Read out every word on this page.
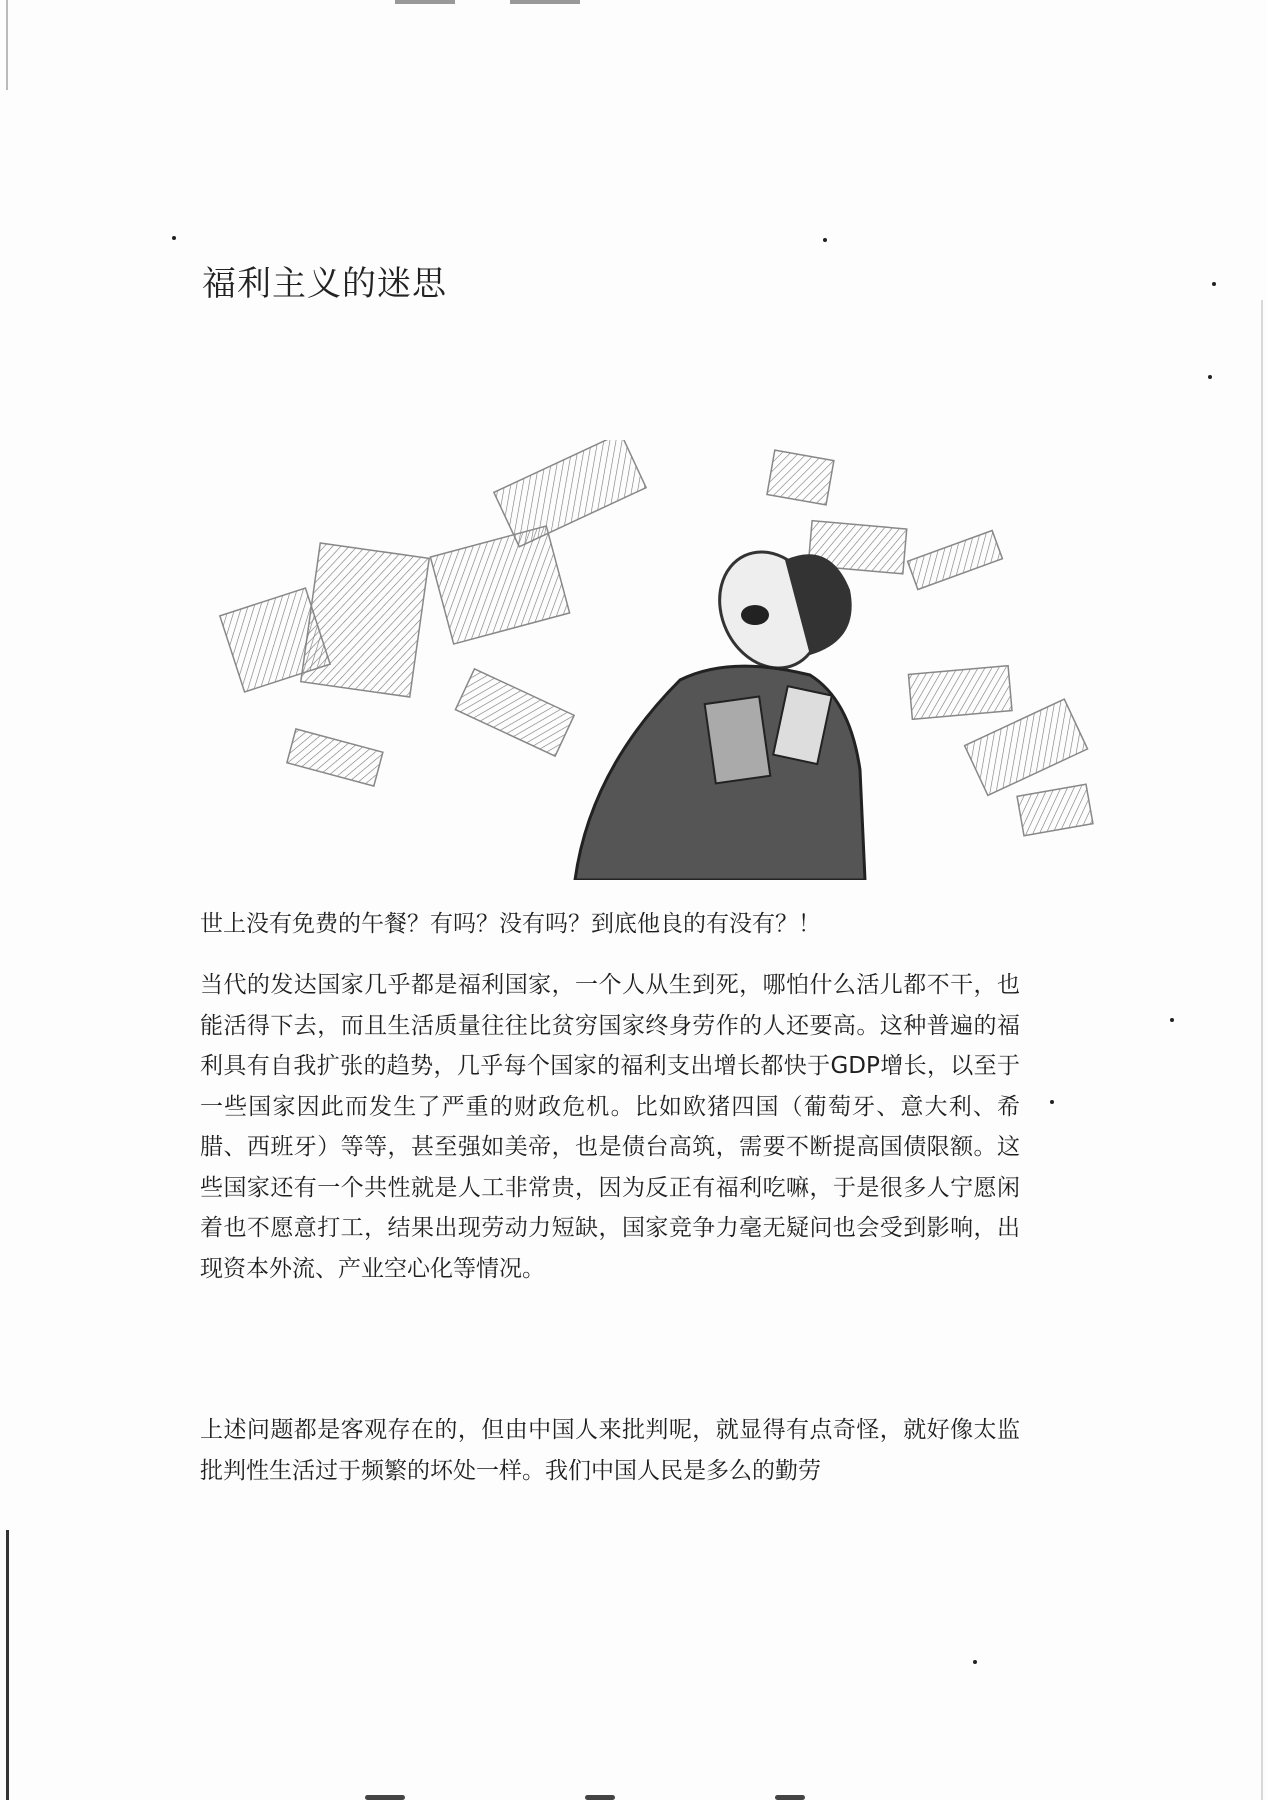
福利主义的迷思

世上没有免费的午餐？有吗？没有吗？到底他良的有没有？！

当代的发达国家几乎都是福利国家，一个人从生到死，哪怕什么活儿都不干，也能活得下去，而且生活质量往往比贫穷国家终身劳作的人还要高。这种普遍的福利具有自我扩张的趋势，几乎每个国家的福利支出增长都快于GDP增长，以至于一些国家因此而发生了严重的财政危机。比如欧猪四国（葡萄牙、意大利、希腊、西班牙）等等，甚至强如美帝，也是债台高筑，需要不断提高国债限额。这些国家还有一个共性就是人工非常贵，因为反正有福利吃嘛，于是很多人宁愿闲着也不愿意打工，结果出现劳动力短缺，国家竞争力毫无疑问也会受到影响，出现资本外流、产业空心化等情况。

上述问题都是客观存在的，但由中国人来批判呢，就显得有点奇怪，就好像太监批判性生活过于频繁的坏处一样。我们中国人民是多么的勤劳
